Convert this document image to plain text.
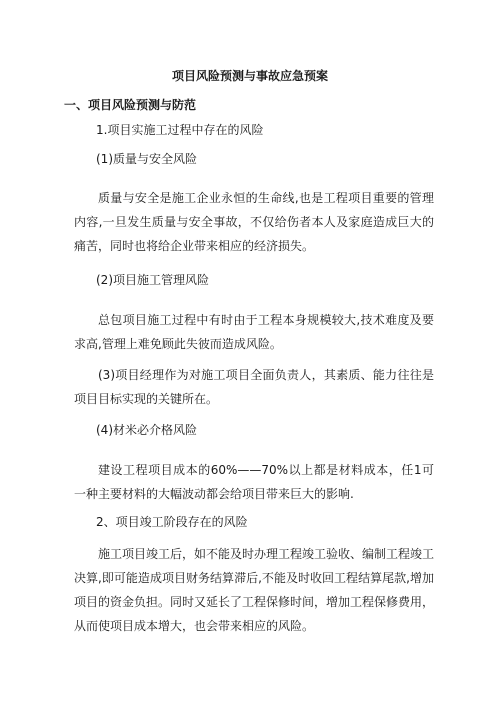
项目风险预测与事故应急预案

一、项目风险预测与防范

1.项目实施工过程中存在的风险

(1)质量与安全风险

质量与安全是施工企业永恒的生命线,也是工程项目重要的管理内容,一旦发生质量与安全事故，不仅给伤者本人及家庭造成巨大的痛苦，同时也将给企业带来相应的经济损失。

(2)项目施工管理风险

总包项目施工过程中有时由于工程本身规模较大,技术难度及要求高,管理上难免顾此失彼而造成风险。

(3)项目经理作为对施工项目全面负责人，其素质、能力往往是项目目标实现的关键所在。

(4)材米必介格风险

建设工程项目成本的60%——70%以上都是材料成本，任1可一种主要材料的大幅波动都会给项目带来巨大的影响.

2、项目竣工阶段存在的风险

施工项目竣工后，如不能及时办理工程竣工验收、编制工程竣工决算,即可能造成项目财务结算滞后,不能及时收回工程结算尾款,增加项目的资金负担。同时又延长了工程保修时间，增加工程保修费用，从而使项目成本增大，也会带来相应的风险。
